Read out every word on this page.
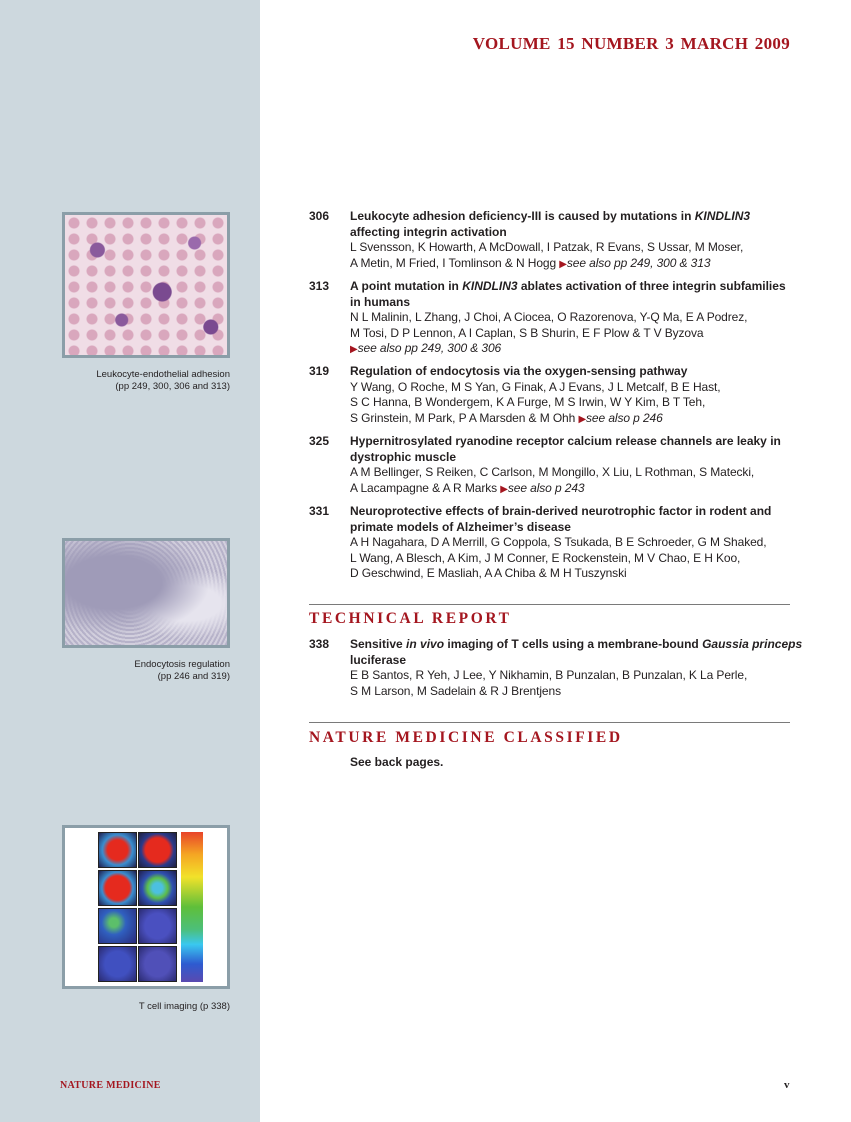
Leukocyte-endothelial adhesion
(pp 249, 300, 306 and 313)
Endocytosis regulation
(pp 246 and 319)
T cell imaging (p 338)
NATURE MEDICINE
VOLUME 15 NUMBER 3 MARCH 2009
306 Leukocyte adhesion deficiency-III is caused by mutations in KINDLIN3
affecting integrin activation
L Svensson, K Howarth, A McDowall, I Patzak, R Evans, S Ussar, M Moser,
A Metin, M Fried, I Tomlinson & N Hogg ▶see also pp 249, 300 & 313
313 A point mutation in KINDLIN3 ablates activation of three integrin subfamilies
in humans
N L Malinin, L Zhang, J Choi, A Ciocea, O Razorenova, Y-Q Ma, E A Podrez,
M Tosi, D P Lennon, A I Caplan, S B Shurin, E F Plow & T V Byzova
▶see also pp 249, 300 & 306
319 Regulation of endocytosis via the oxygen-sensing pathway
Y Wang, O Roche, M S Yan, G Finak, A J Evans, J L Metcalf, B E Hast,
S C Hanna, B Wondergem, K A Furge, M S Irwin, W Y Kim, B T Teh,
S Grinstein, M Park, P A Marsden & M Ohh ▶see also p 246
325 Hypernitrosylated ryanodine receptor calcium release channels are leaky in
dystrophic muscle
A M Bellinger, S Reiken, C Carlson, M Mongillo, X Liu, L Rothman, S Matecki,
A Lacampagne & A R Marks ▶see also p 243
331 Neuroprotective effects of brain-derived neurotrophic factor in rodent and
primate models of Alzheimer’s disease
A H Nagahara, D A Merrill, G Coppola, S Tsukada, B E Schroeder, G M Shaked,
L Wang, A Blesch, A Kim, J M Conner, E Rockenstein, M V Chao, E H Koo,
D Geschwind, E Masliah, A A Chiba & M H Tuszynski
338 Sensitive in vivo imaging of T cells using a membrane-bound Gaussia princeps
luciferase
E B Santos, R Yeh, J Lee, Y Nikhamin, B Punzalan, B Punzalan, K La Perle,
S M Larson, M Sadelain & R J Brentjens
TECHNICAL REPORT
NATURE MEDICINE CLASSIFIED
See back pages.
v
